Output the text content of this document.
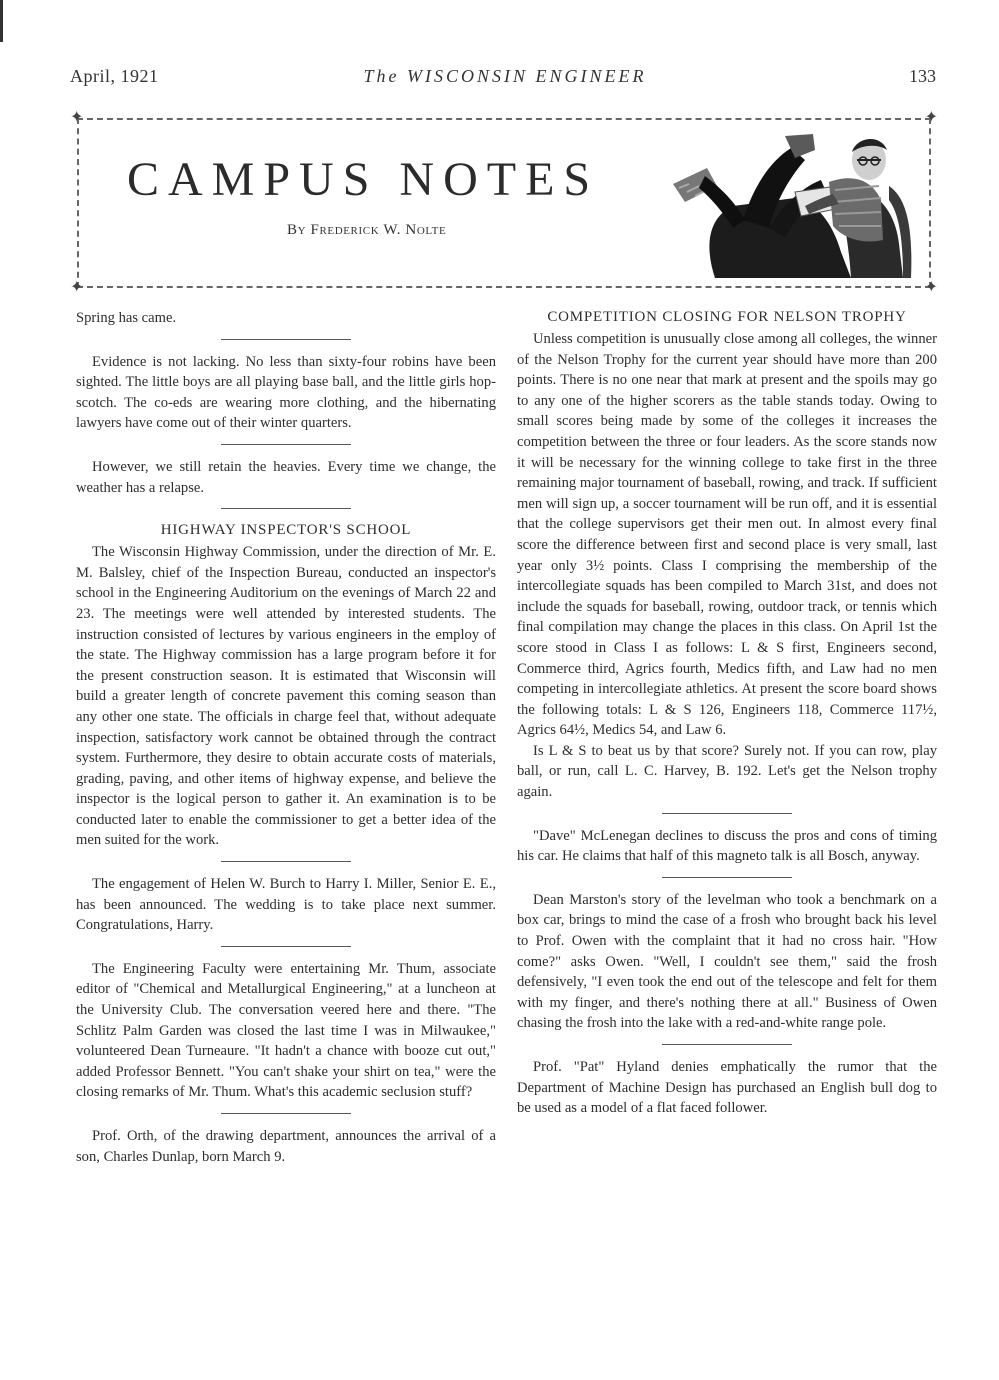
April, 1921	The WISCONSIN ENGINEER	133
✦	✦
✦	✦
CAMPUS NOTES
By Frederick W. Nolte

Spring has came.

Evidence is not lacking. No less than sixty-four robins have been sighted. The little boys are all playing base ball, and the little girls hop-scotch. The co-eds are wearing more clothing, and the hibernating lawyers have come out of their winter quarters.

However, we still retain the heavies. Every time we change, the weather has a relapse.

HIGHWAY INSPECTOR'S SCHOOL

The Wisconsin Highway Commission, under the direction of Mr. E. M. Balsley, chief of the Inspection Bureau, conducted an inspector's school in the Engineering Auditorium on the evenings of March 22 and 23. The meetings were well attended by interested students. The instruction consisted of lectures by various engineers in the employ of the state. The Highway commission has a large program before it for the present construction season. It is estimated that Wisconsin will build a greater length of concrete pavement this coming season than any other one state. The officials in charge feel that, without adequate inspection, satisfactory work cannot be obtained through the contract system. Furthermore, they desire to obtain accurate costs of materials, grading, paving, and other items of highway expense, and believe the inspector is the logical person to gather it. An examination is to be conducted later to enable the commissioner to get a better idea of the men suited for the work.

The engagement of Helen W. Burch to Harry I. Miller, Senior E. E., has been announced. The wedding is to take place next summer. Congratulations, Harry.

The Engineering Faculty were entertaining Mr. Thum, associate editor of "Chemical and Metallurgical Engineering," at a luncheon at the University Club. The conversation veered here and there. "The Schlitz Palm Garden was closed the last time I was in Milwaukee," volunteered Dean Turneaure. "It hadn't a chance with booze cut out," added Professor Bennett. "You can't shake your shirt on tea," were the closing remarks of Mr. Thum. What's this academic seclusion stuff?

Prof. Orth, of the drawing department, announces the arrival of a son, Charles Dunlap, born March 9.

COMPETITION CLOSING FOR NELSON TROPHY

Unless competition is unusually close among all colleges, the winner of the Nelson Trophy for the current year should have more than 200 points. There is no one near that mark at present and the spoils may go to any one of the higher scorers as the table stands today. Owing to small scores being made by some of the colleges it increases the competition between the three or four leaders. As the score stands now it will be necessary for the winning college to take first in the three remaining major tournament of baseball, rowing, and track. If sufficient men will sign up, a soccer tournament will be run off, and it is essential that the college supervisors get their men out. In almost every final score the difference between first and second place is very small, last year only 3½ points. Class I comprising the membership of the intercollegiate squads has been compiled to March 31st, and does not include the squads for baseball, rowing, outdoor track, or tennis which final compilation may change the places in this class. On April 1st the score stood in Class I as follows: L & S first, Engineers second, Commerce third, Agrics fourth, Medics fifth, and Law had no men competing in intercollegiate athletics. At present the score board shows the following totals: L & S 126, Engineers 118, Commerce 117½, Agrics 64½, Medics 54, and Law 6.

Is L & S to beat us by that score? Surely not. If you can row, play ball, or run, call L. C. Harvey, B. 192. Let's get the Nelson trophy again.

"Dave" McLenegan declines to discuss the pros and cons of timing his car. He claims that half of this magneto talk is all Bosch, anyway.

Dean Marston's story of the levelman who took a benchmark on a box car, brings to mind the case of a frosh who brought back his level to Prof. Owen with the complaint that it had no cross hair. "How come?" asks Owen. "Well, I couldn't see them," said the frosh defensively, "I even took the end out of the telescope and felt for them with my finger, and there's nothing there at all." Business of Owen chasing the frosh into the lake with a red-and-white range pole.

Prof. "Pat" Hyland denies emphatically the rumor that the Department of Machine Design has purchased an English bull dog to be used as a model of a flat faced follower.
